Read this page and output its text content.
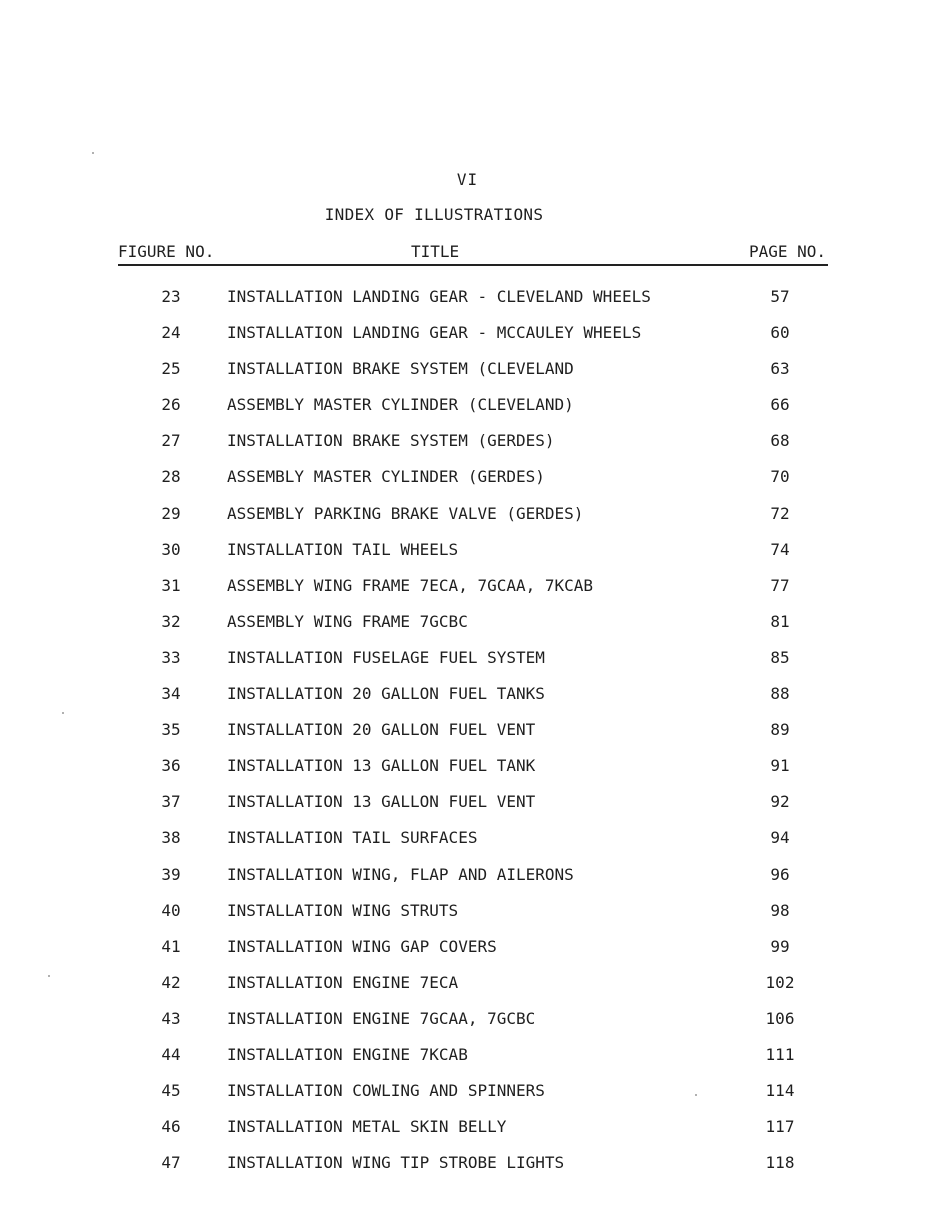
VI
INDEX OF ILLUSTRATIONS
FIGURE NO.	TITLE	PAGE NO.
23	INSTALLATION LANDING GEAR - CLEVELAND WHEELS	57
24	INSTALLATION LANDING GEAR - MCCAULEY WHEELS	60
25	INSTALLATION BRAKE SYSTEM (CLEVELAND	63
26	ASSEMBLY MASTER CYLINDER (CLEVELAND)	66
27	INSTALLATION BRAKE SYSTEM (GERDES)	68
28	ASSEMBLY MASTER CYLINDER (GERDES)	70
29	ASSEMBLY PARKING BRAKE VALVE (GERDES)	72
30	INSTALLATION TAIL WHEELS	74
31	ASSEMBLY WING FRAME 7ECA, 7GCAA, 7KCAB	77
32	ASSEMBLY WING FRAME 7GCBC	81
33	INSTALLATION FUSELAGE FUEL SYSTEM	85
34	INSTALLATION 20 GALLON FUEL TANKS	88
35	INSTALLATION 20 GALLON FUEL VENT	89
36	INSTALLATION 13 GALLON FUEL TANK	91
37	INSTALLATION 13 GALLON FUEL VENT	92
38	INSTALLATION TAIL SURFACES	94
39	INSTALLATION WING, FLAP AND AILERONS	96
40	INSTALLATION WING STRUTS	98
41	INSTALLATION WING GAP COVERS	99
42	INSTALLATION ENGINE 7ECA	102
43	INSTALLATION ENGINE 7GCAA, 7GCBC	106
44	INSTALLATION ENGINE 7KCAB	111
45	INSTALLATION COWLING AND SPINNERS	114
46	INSTALLATION METAL SKIN BELLY	117
47	INSTALLATION WING TIP STROBE LIGHTS	118
